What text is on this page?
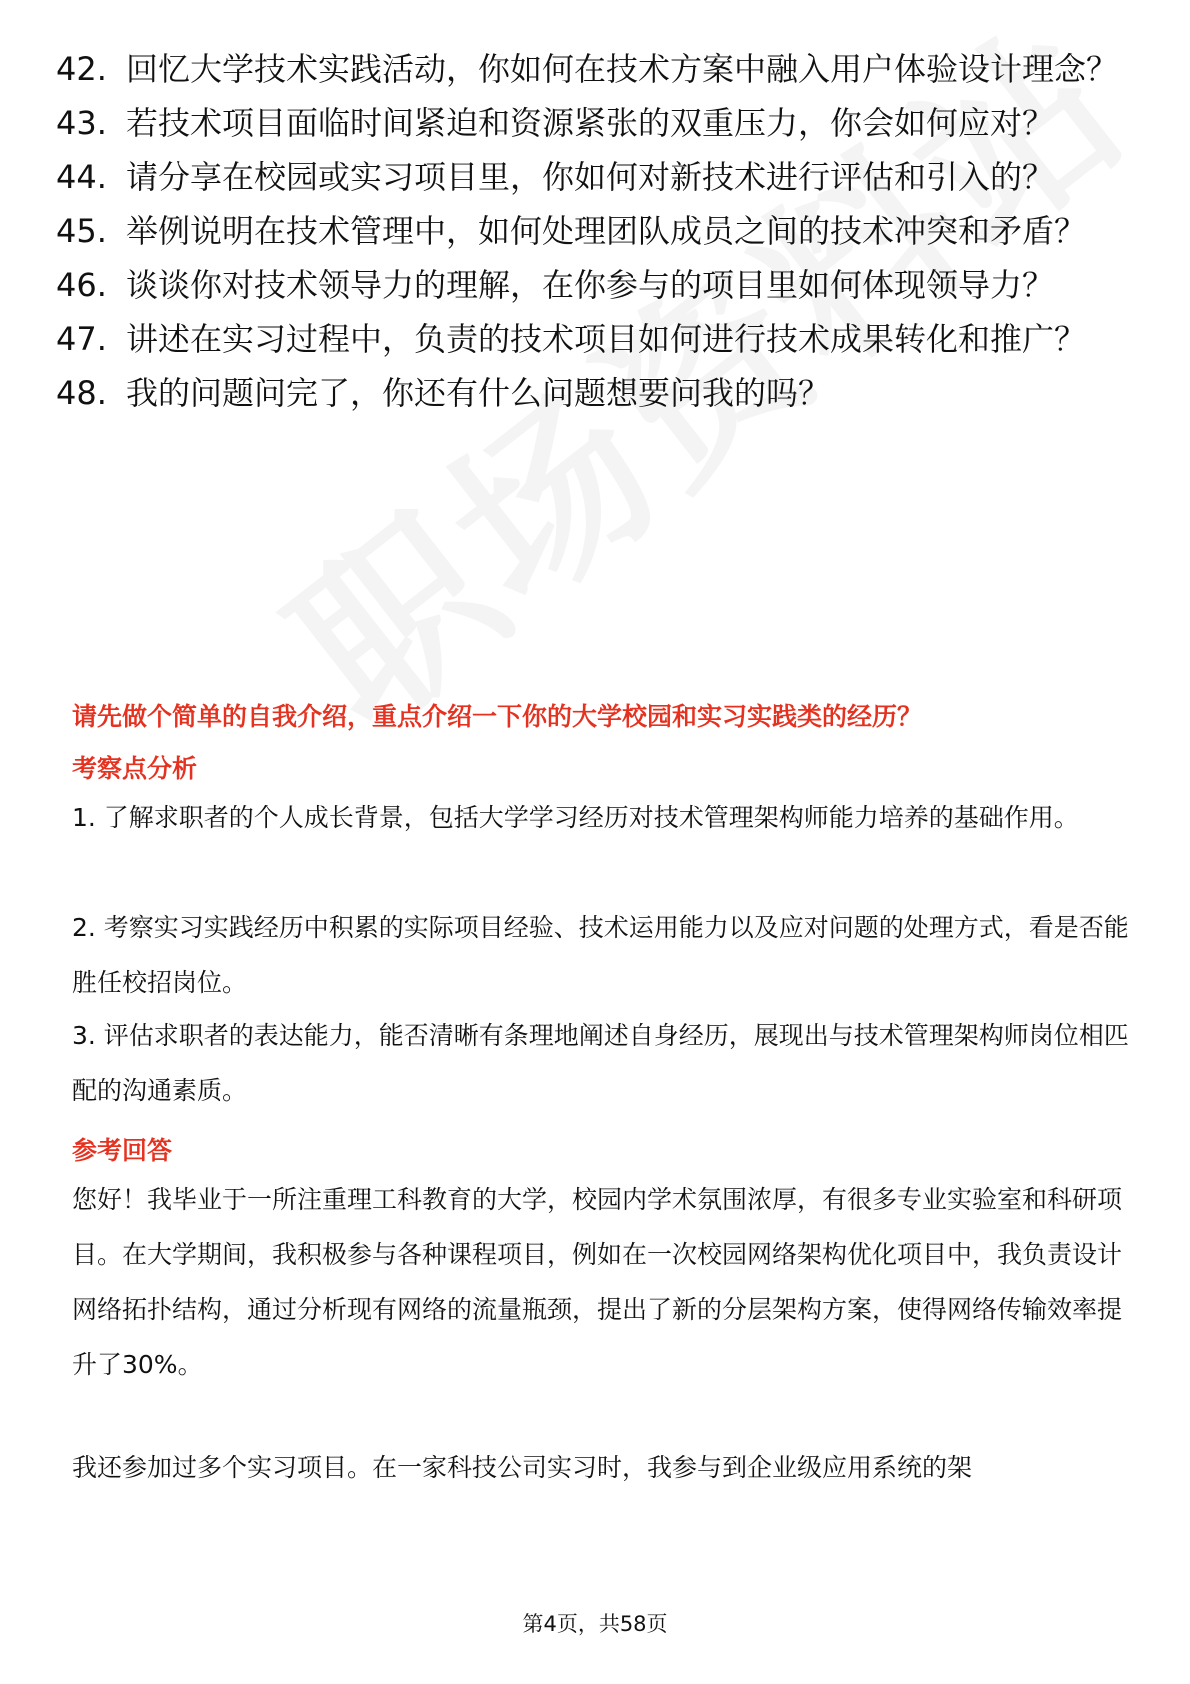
42. 回忆大学技术实践活动，你如何在技术方案中融入用户体验设计理念？
43. 若技术项目面临时间紧迫和资源紧张的双重压力，你会如何应对？
44. 请分享在校园或实习项目里，你如何对新技术进行评估和引入的？
45. 举例说明在技术管理中，如何处理团队成员之间的技术冲突和矛盾？
46. 谈谈你对技术领导力的理解，在你参与的项目里如何体现领导力？
47. 讲述在实习过程中，负责的技术项目如何进行技术成果转化和推广？
48. 我的问题问完了，你还有什么问题想要问我的吗？
请先做个简单的自我介绍，重点介绍一下你的大学校园和实习实践类的经历？
考察点分析

1. 了解求职者的个人成长背景，包括大学学习经历对技术管理架构师能力培养的基础作用。

2. 考察实习实践经历中积累的实际项目经验、技术运用能力以及应对问题的处理方式，看是否能胜任校招岗位。

3. 评估求职者的表达能力，能否清晰有条理地阐述自身经历，展现出与技术管理架构师岗位相匹配的沟通素质。

参考回答

您好！我毕业于一所注重理工科教育的大学，校园内学术氛围浓厚，有很多专业实验室和科研项目。在大学期间，我积极参与各种课程项目，例如在一次校园网络架构优化项目中，我负责设计网络拓扑结构，通过分析现有网络的流量瓶颈，提出了新的分层架构方案，使得网络传输效率提升了30%。

我还参加过多个实习项目。在一家科技公司实习时，我参与到企业级应用系统的架

第4页，共58页
